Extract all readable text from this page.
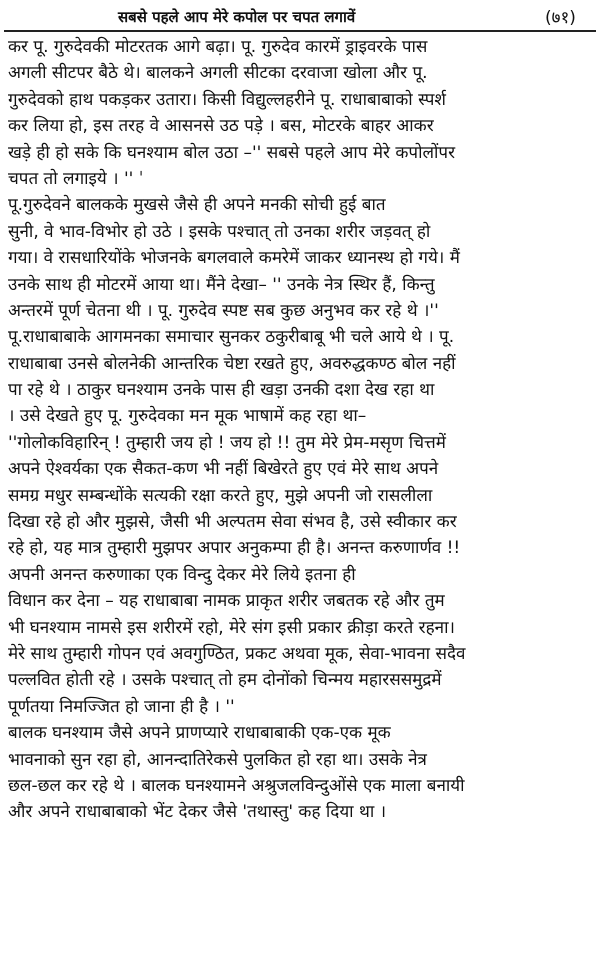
सबसे पहले आप मेरे कपोल पर चपत लगावें	(७१)
कर पू. गुरुदेवकी मोटरतक आगे बढ़ा। पू. गुरुदेव कारमें ड्राइवरके पास
अगली सीटपर बैठे थे। बालकने अगली सीटका दरवाजा खोला और पू.
गुरुदेवको हाथ पकड़कर उतारा। किसी विद्युल्लहरीने पू. राधाबाबाको स्पर्श
कर लिया हो, इस तरह वे आसनसे उठ पड़े । बस, मोटरके बाहर आकर
खड़े ही हो सके कि घनश्याम बोल उठा –'' सबसे पहले आप मेरे कपोलोंपर
चपत तो लगाइये । '' ˈ
पू.गुरुदेवने बालकके मुखसे जैसे ही अपने मनकी सोची हुई बात
सुनी, वे भाव-विभोर हो उठे । इसके पश्चात् तो उनका शरीर जड़वत् हो
गया। वे रासधारियोंके भोजनके बगलवाले कमरेमें जाकर ध्यानस्थ हो गये। मैं
उनके साथ ही मोटरमें आया था। मैंने देखा– '' उनके नेत्र स्थिर हैं, किन्तु
अन्तरमें पूर्ण चेतना थी । पू. गुरुदेव स्पष्ट सब कुछ अनुभव कर रहे थे ।''
पू.राधाबाबाके आगमनका समाचार सुनकर ठकुरीबाबू भी चले आये थे । पू.
राधाबाबा उनसे बोलनेकी आन्तरिक चेष्टा रखते हुए, अवरुद्धकण्ठ बोल नहीं
पा रहे थे । ठाकुर घनश्याम उनके पास ही खड़ा उनकी दशा देख रहा था
। उसे देखते हुए पू. गुरुदेवका मन मूक भाषामें कह रहा था–
''गोलोकविहारिन् ! तुम्हारी जय हो ! जय हो !! तुम मेरे प्रेम-मसृण चित्तमें
अपने ऐश्वर्यका एक सैकत-कण भी नहीं बिखेरते हुए एवं मेरे साथ अपने
समग्र मधुर सम्बन्धोंके सत्यकी रक्षा करते हुए, मुझे अपनी जो रासलीला
दिखा रहे हो और मुझसे, जैसी भी अल्पतम सेवा संभव है, उसे स्वीकार कर
रहे हो, यह मात्र तुम्हारी मुझपर अपार अनुकम्पा ही है। अनन्त करुणार्णव !!
अपनी अनन्त करुणाका एक विन्दु देकर मेरे लिये इतना ही
विधान कर देना – यह राधाबाबा नामक प्राकृत शरीर जबतक रहे और तुम
भी घनश्याम नामसे इस शरीरमें रहो, मेरे संग इसी प्रकार क्रीड़ा करते रहना।
मेरे साथ तुम्हारी गोपन एवं अवगुण्ठित, प्रकट अथवा मूक, सेवा-भावना सदैव
पल्लवित होती रहे । उसके पश्चात् तो हम दोनोंको चिन्मय महारससमुद्रमें
पूर्णतया निमज्जित हो जाना ही है । ''
बालक घनश्याम जैसे अपने प्राणप्यारे राधाबाबाकी एक-एक मूक
भावनाको सुन रहा हो, आनन्दातिरेकसे पुलकित हो रहा था। उसके नेत्र
छल-छल कर रहे थे । बालक घनश्यामने अश्रुजलविन्दुओंसे एक माला बनायी
और अपने राधाबाबाको भेंट देकर जैसे 'तथास्तु' कह दिया था ।
